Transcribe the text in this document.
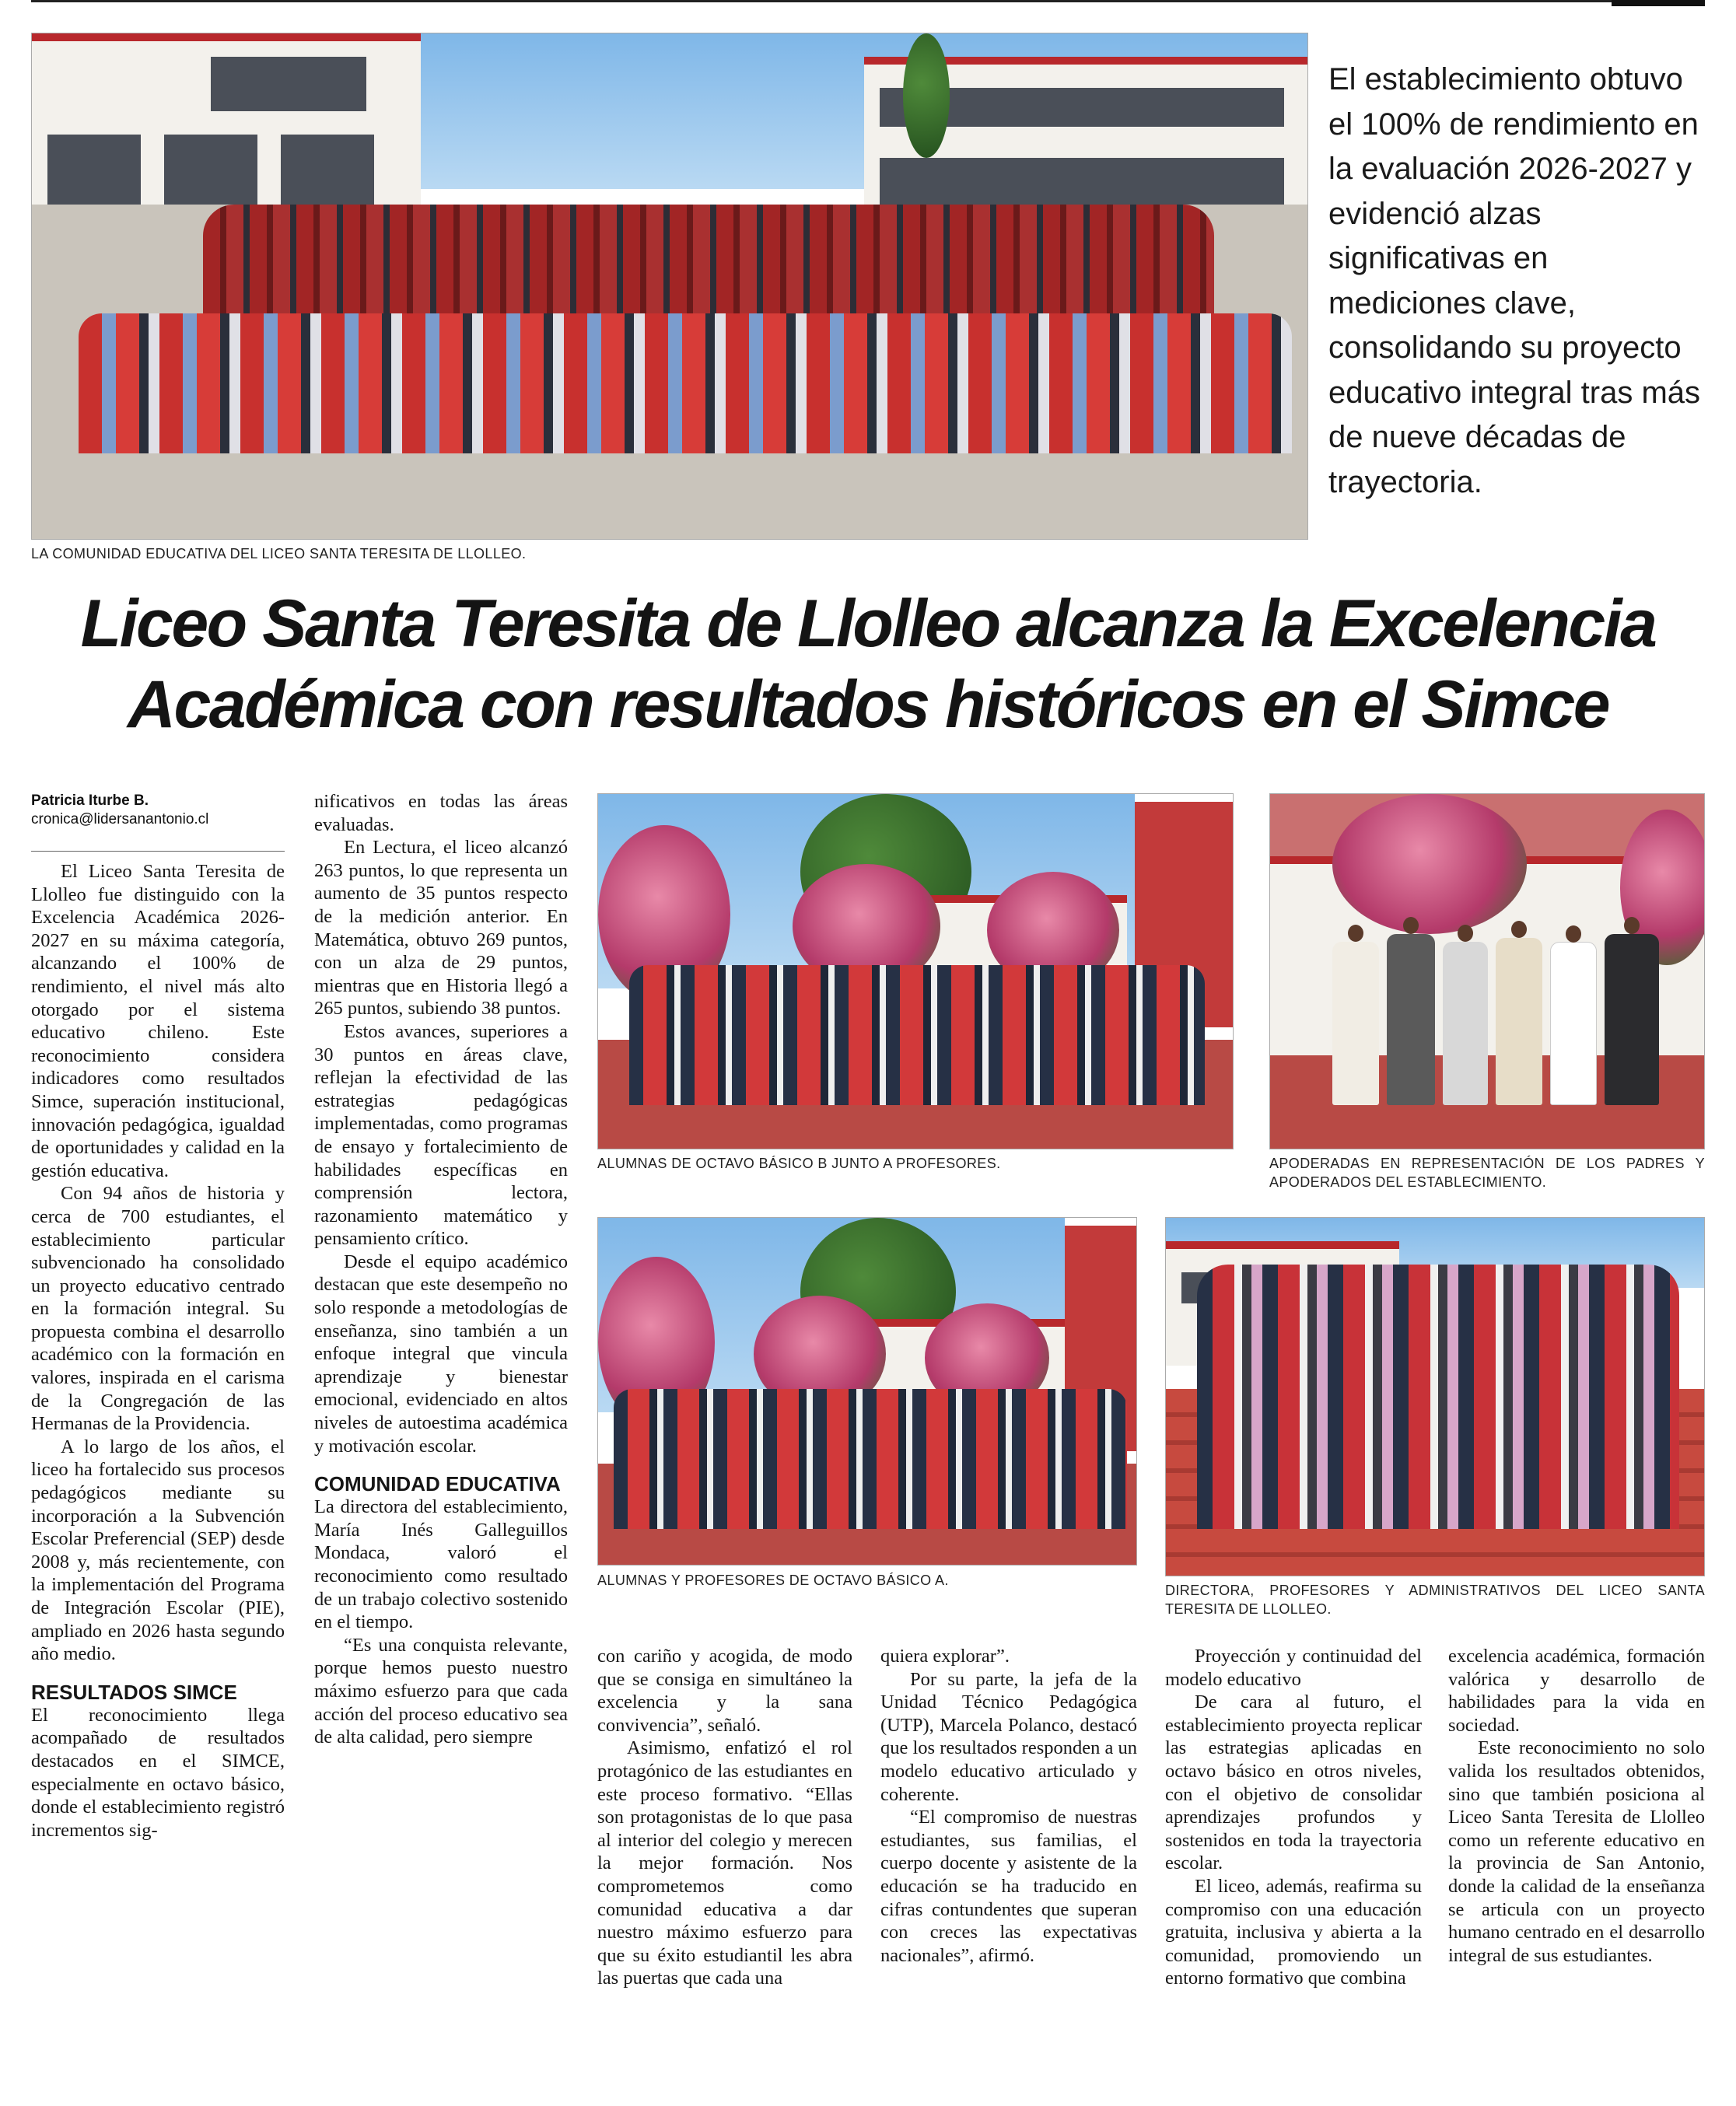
LA COMUNIDAD EDUCATIVA DEL LICEO SANTA TERESITA DE LLOLLEO.
El establecimiento obtuvo el 100% de rendimiento en la evaluación 2026-2027 y evidenció alzas significativas en mediciones clave, consolidando su proyecto educativo integral tras más de nueve décadas de trayectoria.
Liceo Santa Teresita de Llolleo alcanza la Excelencia Académica con resultados históricos en el Simce
Patricia Iturbe B.
cronica@lidersanantonio.cl
ALUMNAS DE OCTAVO BÁSICO B JUNTO A PROFESORES.	APODERADAS EN REPRESENTACIÓN DE LOS PADRES Y APODERADOS DEL ESTABLECIMIENTO.
ALUMNAS Y PROFESORES DE OCTAVO BÁSICO A.
DIRECTORA, PROFESORES Y ADMINISTRATIVOS DEL LICEO SANTA TERESITA DE LLOLLEO.

El Liceo Santa Teresita de Llolleo fue distinguido con la Excelencia Académica 2026-2027 en su máxima categoría, alcanzando el 100% de rendimiento, el nivel más alto otorgado por el sistema educativo chileno. Este reconocimiento considera indicadores como resultados Simce, superación institucional, innovación pedagógica, igualdad de oportunidades y calidad en la gestión educativa.

Con 94 años de historia y cerca de 700 estudiantes, el establecimiento particular subvencionado ha consolidado un proyecto educativo centrado en la formación integral. Su propuesta combina el desarrollo académico con la formación en valores, inspirada en el carisma de la Congregación de las Hermanas de la Providencia.

A lo largo de los años, el liceo ha fortalecido sus procesos pedagógicos mediante su incorporación a la Subvención Escolar Preferencial (SEP) desde 2008 y, más recientemente, con la implementación del Programa de Integración Escolar (PIE), ampliado en 2026 hasta segundo año medio.

RESULTADOS SIMCE

El reconocimiento llega acompañado de resultados destacados en el SIMCE, especialmente en octavo básico, donde el establecimiento registró incrementos sig-

nificativos en todas las áreas evaluadas.

En Lectura, el liceo alcanzó 263 puntos, lo que representa un aumento de 35 puntos respecto de la medición anterior. En Matemática, obtuvo 269 puntos, con un alza de 29 puntos, mientras que en Historia llegó a 265 puntos, subiendo 38 puntos.

Estos avances, superiores a 30 puntos en áreas clave, reflejan la efectividad de las estrategias pedagógicas implementadas, como programas de ensayo y fortalecimiento de habilidades específicas en comprensión lectora, razonamiento matemático y pensamiento crítico.

Desde el equipo académico destacan que este desempeño no solo responde a metodologías de enseñanza, sino también a un enfoque integral que vincula aprendizaje y bienestar emocional, evidenciado en altos niveles de autoestima académica y motivación escolar.

COMUNIDAD EDUCATIVA

La directora del establecimiento, María Inés Galleguillos Mondaca, valoró el reconocimiento como resultado de un trabajo colectivo sostenido en el tiempo.

“Es una conquista relevante, porque hemos puesto nuestro máximo esfuerzo para que cada acción del proceso educativo sea de alta calidad, pero siempre

con cariño y acogida, de modo que se consiga en simultáneo la excelencia y la sana convivencia”, señaló.

Asimismo, enfatizó el rol protagónico de las estudiantes en este proceso formativo. “Ellas son protagonistas de lo que pasa al interior del colegio y merecen la mejor formación. Nos comprometemos como comunidad educativa a dar nuestro máximo esfuerzo para que su éxito estudiantil les abra las puertas que cada una

quiera explorar”.

Por su parte, la jefa de la Unidad Técnico Pedagógica (UTP), Marcela Polanco, destacó que los resultados responden a un modelo educativo articulado y coherente.

“El compromiso de nuestras estudiantes, sus familias, el cuerpo docente y asistente de la educación se ha traducido en cifras contundentes que superan con creces las expectativas nacionales”, afirmó.

Proyección y continuidad del modelo educativo

De cara al futuro, el establecimiento proyecta replicar las estrategias aplicadas en octavo básico en otros niveles, con el objetivo de consolidar aprendizajes profundos y sostenidos en toda la trayectoria escolar.

El liceo, además, reafirma su compromiso con una educación gratuita, inclusiva y abierta a la comunidad, promoviendo un entorno formativo que combina

excelencia académica, formación valórica y desarrollo de habilidades para la vida en sociedad.

Este reconocimiento no solo valida los resultados obtenidos, sino que también posiciona al Liceo Santa Teresita de Llolleo como un referente educativo en la provincia de San Antonio, donde la calidad de la enseñanza se articula con un proyecto humano centrado en el desarrollo integral de sus estudiantes.
